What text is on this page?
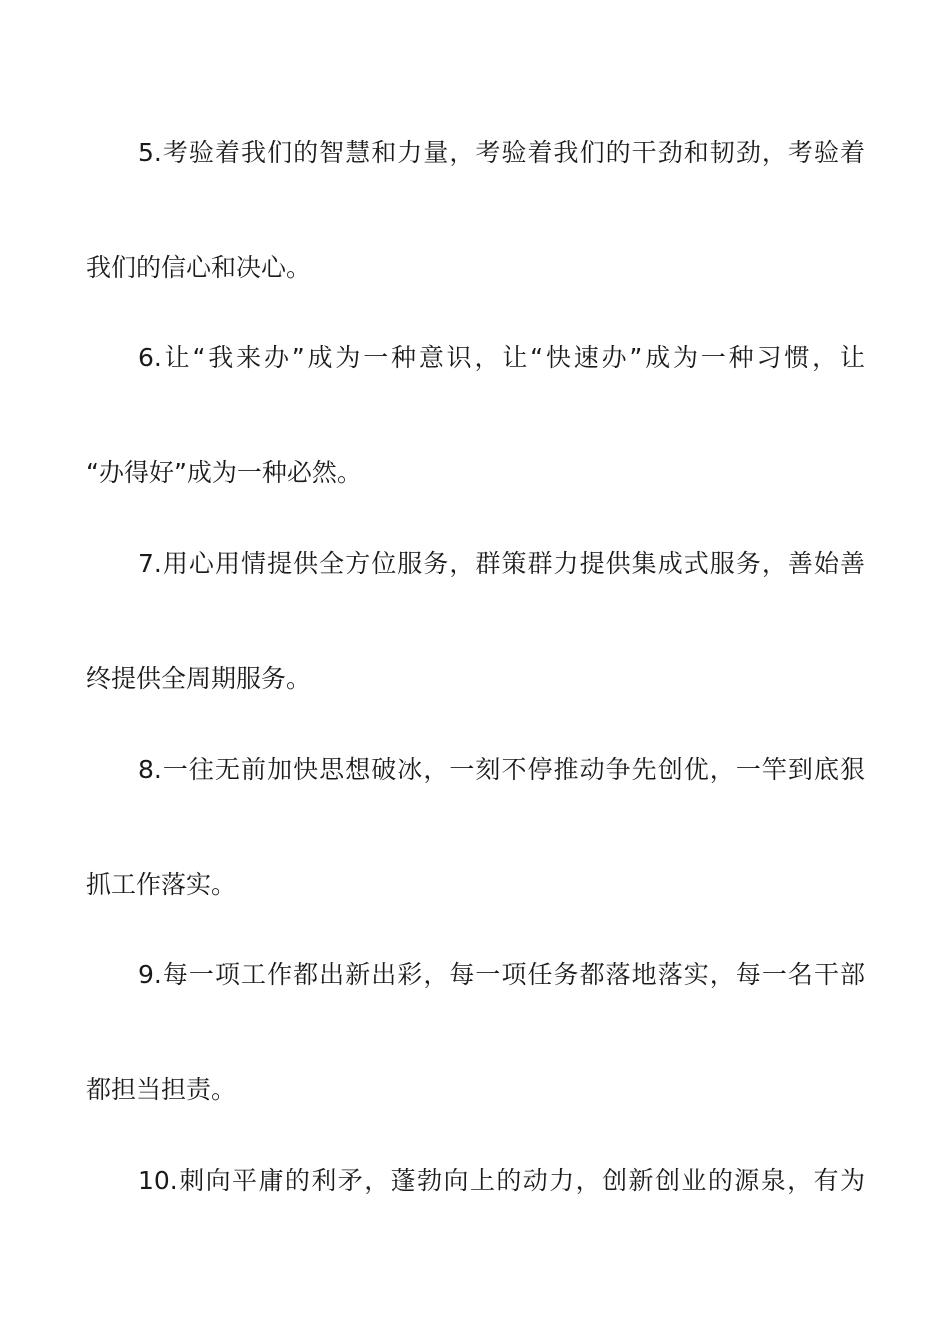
5.考验着我们的智慧和力量，考验着我们的干劲和韧劲，考验着
我们的信心和决心。
6.让“我来办”成为一种意识，让“快速办”成为一种习惯，让
“办得好”成为一种必然。
7.用心用情提供全方位服务，群策群力提供集成式服务，善始善
终提供全周期服务。
8.一往无前加快思想破冰，一刻不停推动争先创优，一竿到底狠
抓工作落实。
9.每一项工作都出新出彩，每一项任务都落地落实，每一名干部
都担当担责。
10.刺向平庸的利矛，蓬勃向上的动力，创新创业的源泉，有为
